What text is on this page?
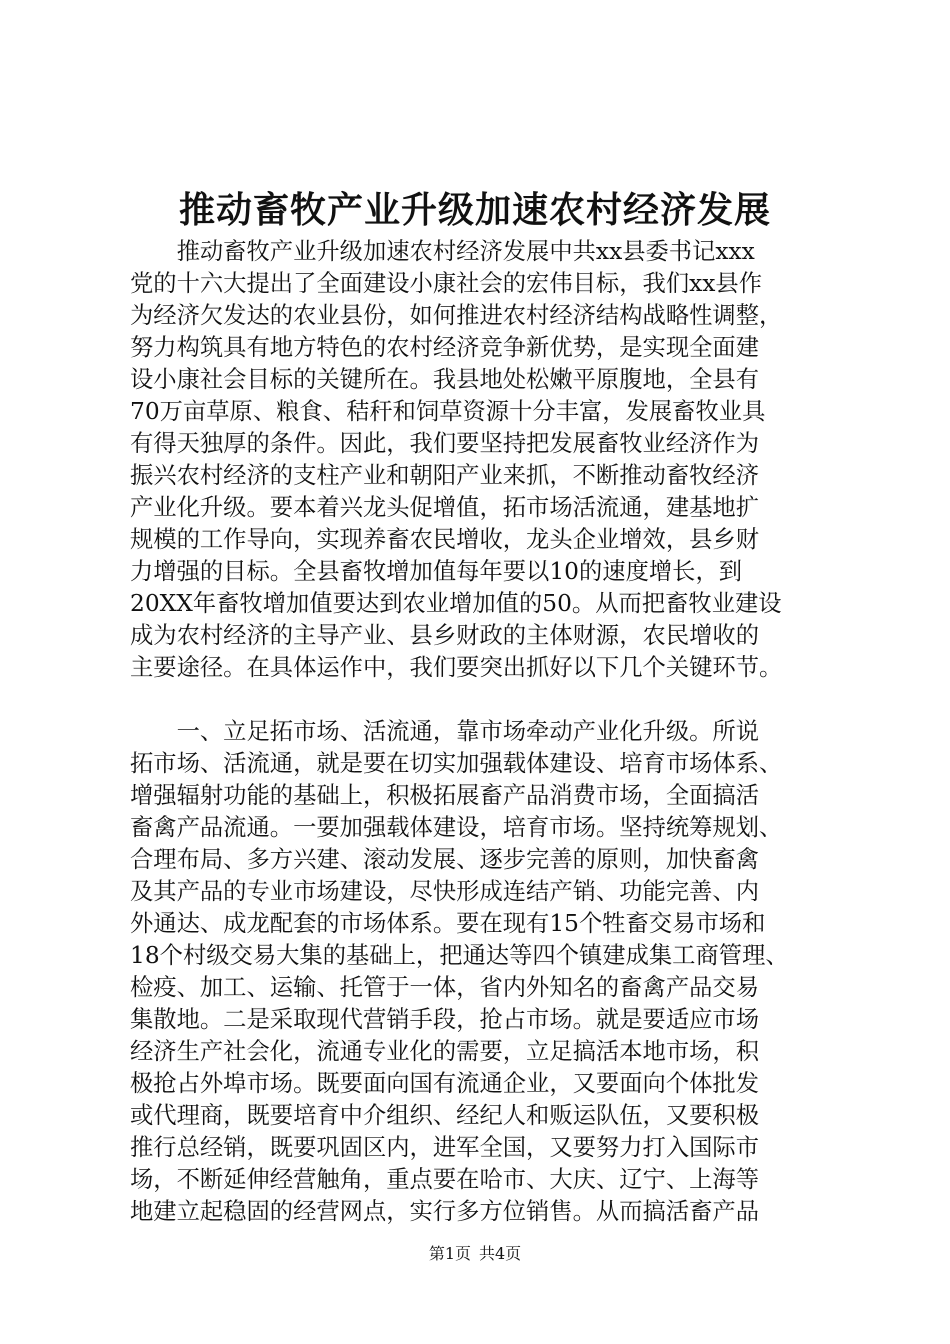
推动畜牧产业升级加速农村经济发展
　　推动畜牧产业升级加速农村经济发展中共xx县委书记xxx
党的十六大提出了全面建设小康社会的宏伟目标，我们xx县作
为经济欠发达的农业县份，如何推进农村经济结构战略性调整，
努力构筑具有地方特色的农村经济竞争新优势，是实现全面建
设小康社会目标的关键所在。我县地处松嫩平原腹地，全县有
70万亩草原、粮食、秸秆和饲草资源十分丰富，发展畜牧业具
有得天独厚的条件。因此，我们要坚持把发展畜牧业经济作为
振兴农村经济的支柱产业和朝阳产业来抓，不断推动畜牧经济
产业化升级。要本着兴龙头促增值，拓市场活流通，建基地扩
规模的工作导向，实现养畜农民增收，龙头企业增效，县乡财
力增强的目标。全县畜牧增加值每年要以10的速度增长，到
20XX年畜牧增加值要达到农业增加值的50。从而把畜牧业建设
成为农村经济的主导产业、县乡财政的主体财源，农民增收的
主要途径。在具体运作中，我们要突出抓好以下几个关键环节。
　　一、立足拓市场、活流通，靠市场牵动产业化升级。所说
拓市场、活流通，就是要在切实加强载体建设、培育市场体系、
增强辐射功能的基础上，积极拓展畜产品消费市场，全面搞活
畜禽产品流通。一要加强载体建设，培育市场。坚持统筹规划、
合理布局、多方兴建、滚动发展、逐步完善的原则，加快畜禽
及其产品的专业市场建设，尽快形成连结产销、功能完善、内
外通达、成龙配套的市场体系。要在现有15个牲畜交易市场和
18个村级交易大集的基础上，把通达等四个镇建成集工商管理、
检疫、加工、运输、托管于一体，省内外知名的畜禽产品交易
集散地。二是采取现代营销手段，抢占市场。就是要适应市场
经济生产社会化，流通专业化的需要，立足搞活本地市场，积
极抢占外埠市场。既要面向国有流通企业，又要面向个体批发
或代理商，既要培育中介组织、经纪人和贩运队伍，又要积极
推行总经销，既要巩固区内，进军全国，又要努力打入国际市
场，不断延伸经营触角，重点要在哈市、大庆、辽宁、上海等
地建立起稳固的经营网点，实行多方位销售。从而搞活畜产品
第1页 共4页
